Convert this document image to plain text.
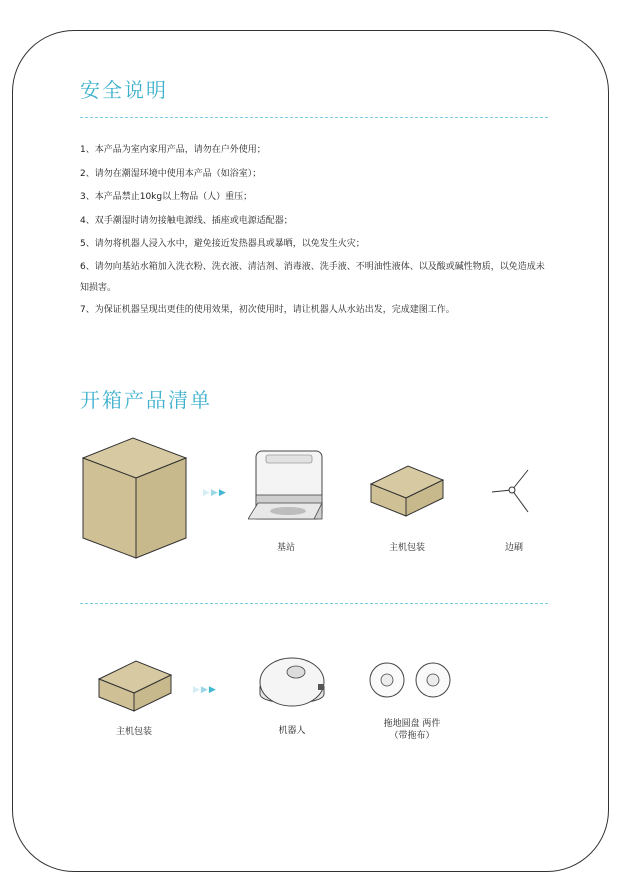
安全说明
1、本产品为室内家用产品，请勿在户外使用；
2、请勿在潮湿环境中使用本产品（如浴室）；
3、本产品禁止10kg以上物品（人）重压；
4、双手潮湿时请勿接触电源线、插座或电源适配器；
5、请勿将机器人浸入水中，避免接近发热器具或暴晒，以免发生火灾；
6、请勿向基站水箱加入洗衣粉、洗衣液、清洁剂、消毒液、洗手液、不明油性液体、以及酸或碱性物质，以免造成未知损害。
7、为保证机器呈现出更佳的使用效果，初次使用时，请让机器人从水站出发，完成建图工作。
开箱产品清单
▶▶▶
基站	主机包装	边刷
▶▶▶
主机包装	机器人
拖地圆盘 两件
（带拖布）
